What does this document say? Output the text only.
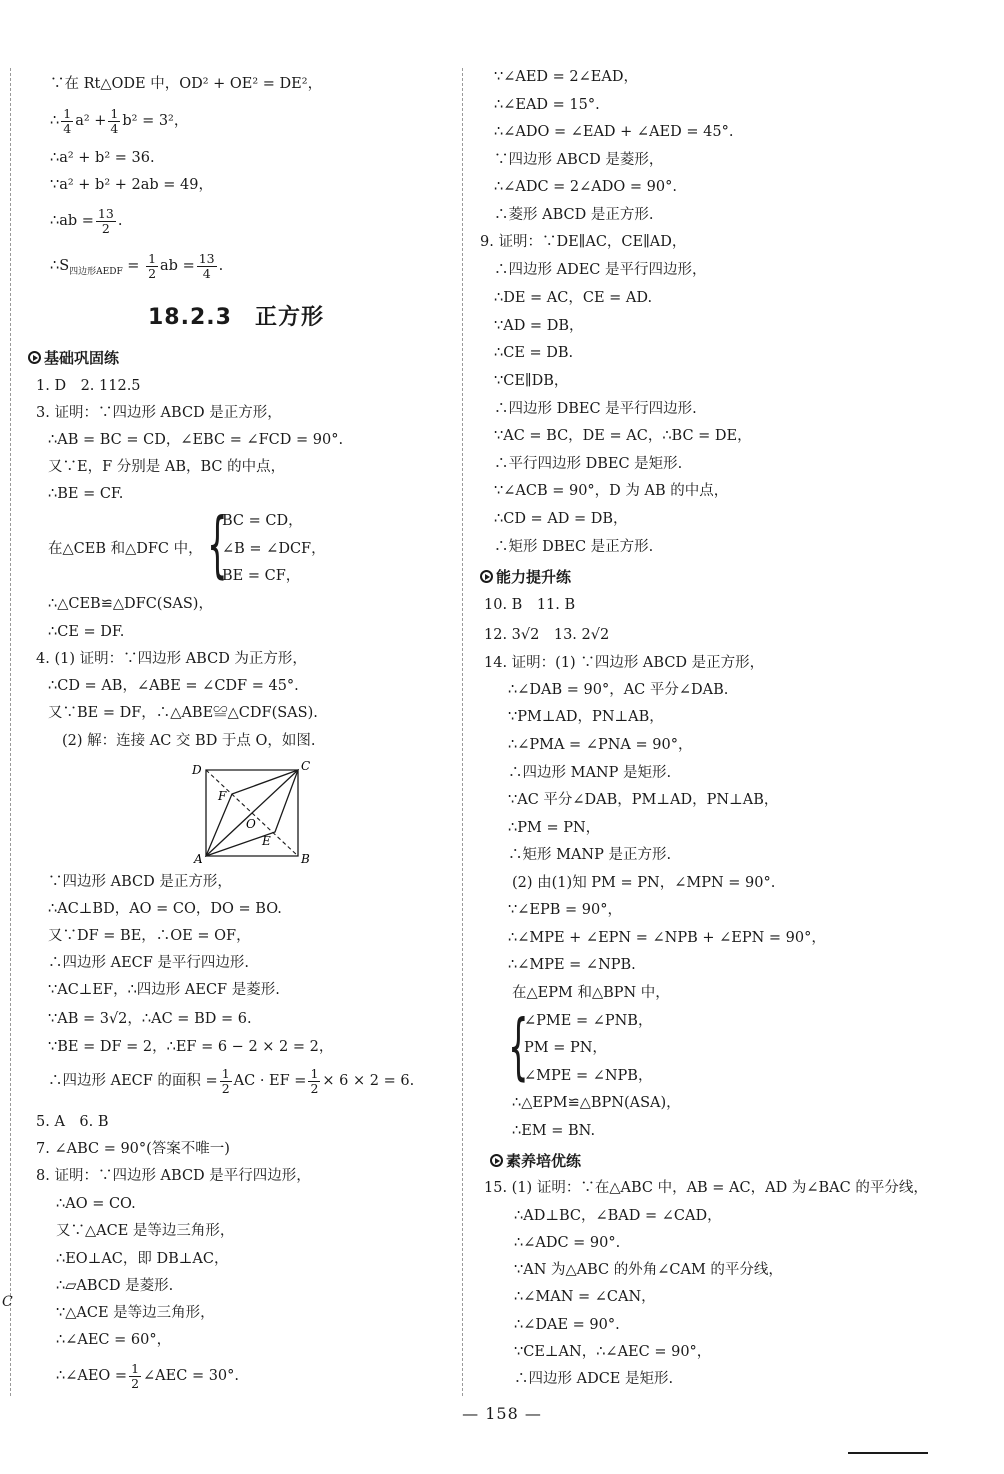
C
∵在 Rt△ODE 中，OD² + OE² = DE²，
∴ $\frac{1}{4} a^2 + \frac{1}{4} b^2 = 3^2$，
∴a² + b² = 36.
∵a² + b² + 2ab = 49，
∴ab = $\frac{13}{2}$ .
$\therefore S_{四边形AEDF} = \frac{1}{2}$ ab = $\frac{13}{4}$ .
18.2.3　正方形
基础巩固练
1. D　2. 112.5
3. 证明：∵四边形 ABCD 是正方形，
∴AB = BC = CD，∠EBC = ∠FCD = 90°.
又∵E，F 分别是 AB，BC 的中点，
∴BE = CF.
在△CEB 和△DFC 中， {
BC = CD，
∠B = ∠DCF，
BE = CF，
∴△CEB≌△DFC(SAS)，
∴CE = DF.
4. (1) 证明：∵四边形 ABCD 为正方形，
∴CD = AB，∠ABE = ∠CDF = 45°.
又∵BE = DF，∴△ABE≌△CDF(SAS).
(2) 解：连接 AC 交 BD 于点 O，如图.
D	C
A	B
F
O
E
∵四边形 ABCD 是正方形，
∴AC⊥BD，AO = CO，DO = BO.
又∵DF = BE，∴OE = OF，
∴四边形 AECF 是平行四边形.
∵AC⊥EF，∴四边形 AECF 是菱形.
∵AB = 3√2，∴AC = BD = 6.
∵BE = DF = 2，∴EF = 6 − 2 × 2 = 2，
∴四边形 AECF 的面积 = $\frac{1}{2}$ AC · EF = $\frac{1}{2} \times 6 \times 2 = 6$.
5. A　6. B
7. ∠ABC = 90°(答案不唯一)
8. 证明：∵四边形 ABCD 是平行四边形，
∴AO = CO.
又∵△ACE 是等边三角形，
∴EO⊥AC，即 DB⊥AC，
∴▱ABCD 是菱形.
∵△ACE 是等边三角形，
∴∠AEC = 60°，
∴∠AEO = $\frac{1}{2}$ ∠AEC = 30°.
∵∠AED = 2∠EAD，
∴∠EAD = 15°.
∴∠ADO = ∠EAD + ∠AED = 45°.
∵四边形 ABCD 是菱形，
∴∠ADC = 2∠ADO = 90°.
∴菱形 ABCD 是正方形.
9. 证明：∵DE∥AC，CE∥AD，
∴四边形 ADEC 是平行四边形，
∴DE = AC，CE = AD.
∵AD = DB，
∴CE = DB.
∵CE∥DB，
∴四边形 DBEC 是平行四边形.
∵AC = BC，DE = AC，∴BC = DE，
∴平行四边形 DBEC 是矩形.
∵∠ACB = 90°，D 为 AB 的中点，
∴CD = AD = DB，
∴矩形 DBEC 是正方形.
能力提升练
10. B　11. B
12. 3√2　13. 2√2
14. 证明：(1) ∵四边形 ABCD 是正方形，
∴∠DAB = 90°，AC 平分∠DAB.
∵PM⊥AD，PN⊥AB，
∴∠PMA = ∠PNA = 90°，
∴四边形 MANP 是矩形.
∵AC 平分∠DAB，PM⊥AD，PN⊥AB，
∴PM = PN，
∴矩形 MANP 是正方形.
(2) 由(1)知 PM = PN，∠MPN = 90°.
∵∠EPB = 90°，
∴∠MPE + ∠EPN = ∠NPB + ∠EPN = 90°，
∴∠MPE = ∠NPB.
在△EPM 和△BPN 中，
{
∠PME = ∠PNB，
PM = PN，
∠MPE = ∠NPB，
∴△EPM≌△BPN(ASA)，
∴EM = BN.
素养培优练
15. (1) 证明：∵在△ABC 中，AB = AC，AD 为∠BAC 的平分线，
∴AD⊥BC，∠BAD = ∠CAD，
∴∠ADC = 90°.
∵AN 为△ABC 的外角∠CAM 的平分线，
∴∠MAN = ∠CAN，
∴∠DAE = 90°.
∵CE⊥AN，∴∠AEC = 90°，
∴四边形 ADCE 是矩形.
— 158 —
